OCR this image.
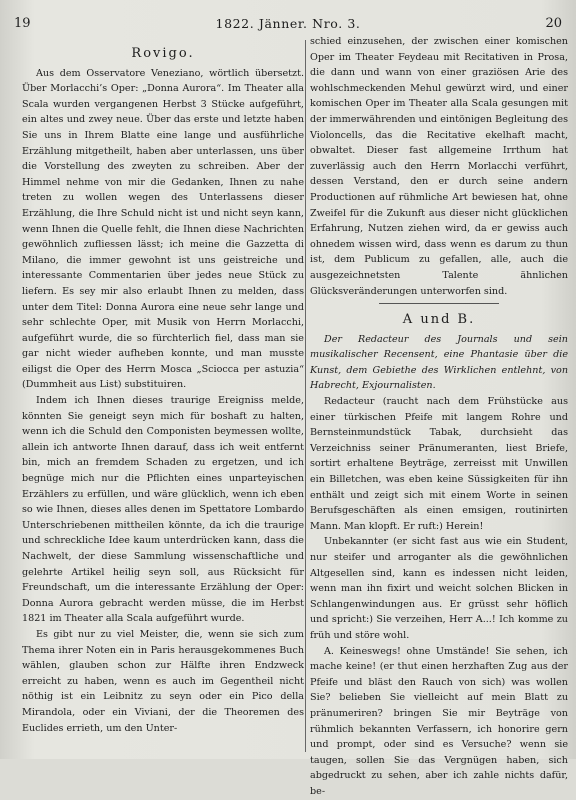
19	1822. Jänner. Nro. 3.	20
Rovigo.

Aus dem Osservatore Veneziano, wörtlich übersetzt. Über Morlacchi’s Oper: „Donna Aurora“. Im Theater alla Scala wurden vergangenen Herbst 3 Stücke aufgeführt, ein altes und zwey neue. Über das erste und letzte haben Sie uns in Ihrem Blatte eine lange und ausführliche Erzählung mitgetheilt, haben aber unterlassen, uns über die Vorstellung des zweyten zu schreiben. Aber der Himmel nehme von mir die Gedanken, Ihnen zu nahe treten zu wollen wegen des Unterlassens dieser Erzählung, die Ihre Schuld nicht ist und nicht seyn kann, wenn Ihnen die Quelle fehlt, die Ihnen diese Nachrichten gewöhnlich zufliessen lässt; ich meine die Gazzetta di Milano, die immer gewohnt ist uns geistreiche und interessante Commentarien über jedes neue Stück zu liefern. Es sey mir also erlaubt Ihnen zu melden, dass unter dem Titel: Donna Aurora eine neue sehr lange und sehr schlechte Oper, mit Musik von Herrn Morlacchi, aufgeführt wurde, die so fürchterlich fiel, dass man sie gar nicht wieder aufheben konnte, und man musste eiligst die Oper des Herrn Mosca „Sciocca per astuzia“ (Dummheit aus List) substituiren.

Indem ich Ihnen dieses traurige Ereigniss melde, könnten Sie geneigt seyn mich für boshaft zu halten, wenn ich die Schuld den Componisten beymessen wollte, allein ich antworte Ihnen darauf, dass ich weit entfernt bin, mich an fremdem Schaden zu ergetzen, und ich begnüge mich nur die Pflichten eines unparteyischen Erzählers zu erfüllen, und wäre glücklich, wenn ich eben so wie Ihnen, dieses alles denen im Spettatore Lombardo Unterschriebenen mittheilen könnte, da ich die traurige und schreckliche Idee kaum unterdrücken kann, dass die Nachwelt, der diese Sammlung wissenschaftliche und gelehrte Artikel heilig seyn soll, aus Rücksicht für Freundschaft, um die interessante Erzählung der Oper: Donna Aurora gebracht werden müsse, die im Herbst 1821 im Theater alla Scala aufgeführt wurde.

Es gibt nur zu viel Meister, die, wenn sie sich zum Thema ihrer Noten ein in Paris herausgekommenes Buch wählen, glauben schon zur Hälfte ihren Endzweck erreicht zu haben, wenn es auch im Gegentheil nicht nöthig ist ein Leibnitz zu seyn oder ein Pico della Mirandola, oder ein Viviani, der die Theoremen des Euclides errieth, um den Unter-

schied einzusehen, der zwischen einer komischen Oper im Theater Feydeau mit Recitativen in Prosa, die dann und wann von einer graziösen Arie des wohlschmeckenden Mehul gewürzt wird, und einer komischen Oper im Theater alla Scala gesungen mit der immerwährenden und eintönigen Begleitung des Violoncells, das die Recitative ekelhaft macht, obwaltet. Dieser fast allgemeine Irrthum hat zuverlässig auch den Herrn Morlacchi verführt, dessen Verstand, den er durch seine andern Productionen auf rühmliche Art bewiesen hat, ohne Zweifel für die Zukunft aus dieser nicht glücklichen Erfahrung, Nutzen ziehen wird, da er gewiss auch ohnedem wissen wird, dass wenn es darum zu thun ist, dem Publicum zu gefallen, alle, auch die ausgezeichnetsten Talente ähnlichen Glücksveränderungen unterworfen sind.

A und B.

Der Redacteur des Journals und sein musikalischer Recensent, eine Phantasie über die Kunst, dem Gebiethe des Wirklichen entlehnt, von Habrecht, Exjournalisten.

Redacteur (raucht nach dem Frühstücke aus einer türkischen Pfeife mit langem Rohre und Bernsteinmundstück Tabak, durchsieht das Verzeichniss seiner Pränumeranten, liest Briefe, sortirt erhaltene Beyträge, zerreisst mit Unwillen ein Billetchen, was eben keine Süssigkeiten für ihn enthält und zeigt sich mit einem Worte in seinen Berufsgeschäften als einen emsigen, routinirten Mann. Man klopft. Er ruft:) Herein!

Unbekannter (er sicht fast aus wie ein Student, nur steifer und arroganter als die gewöhnlichen Altgesellen sind, kann es indessen nicht leiden, wenn man ihn fixirt und weicht solchen Blicken in Schlangenwindungen aus. Er grüsst sehr höflich und spricht:) Sie verzeihen, Herr A...! Ich komme zu früh und störe wohl.

A. Keineswegs! ohne Umstände! Sie sehen, ich mache keine! (er thut einen herzhaften Zug aus der Pfeife und bläst den Rauch von sich) was wollen Sie? belieben Sie vielleicht auf mein Blatt zu pränumeriren? bringen Sie mir Beyträge von rühmlich bekannten Verfassern, ich honorire gern und prompt, oder sind es Versuche? wenn sie taugen, sollen Sie das Vergnügen haben, sich abgedruckt zu sehen, aber ich zahle nichts dafür, be-
